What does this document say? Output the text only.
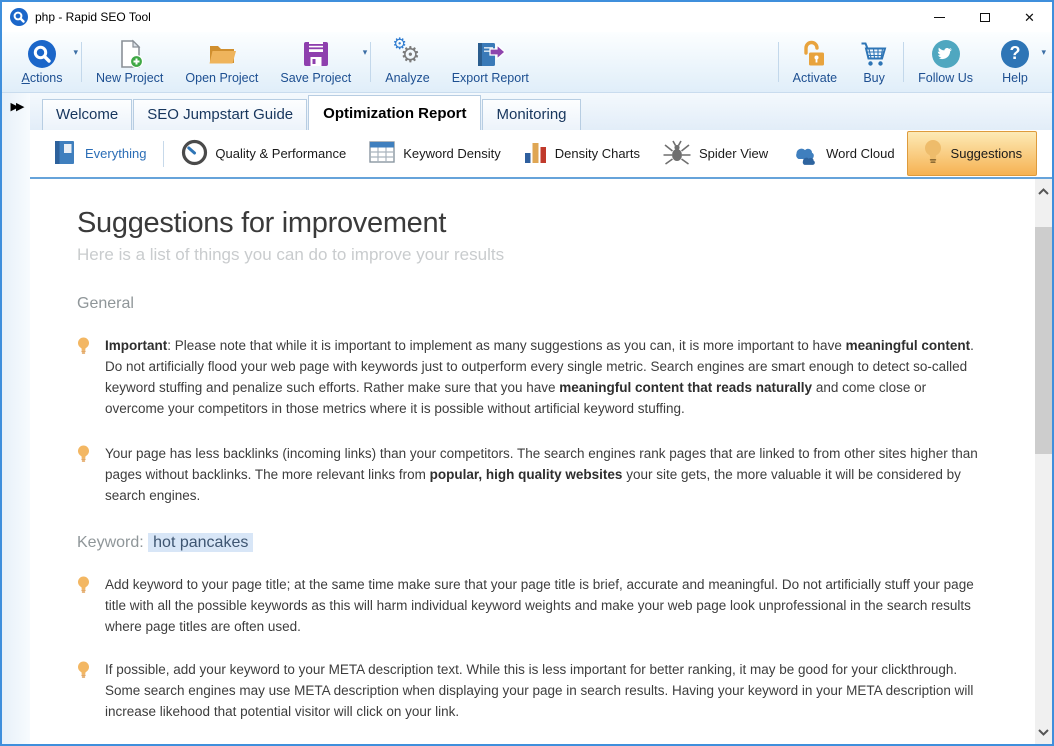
php - Rapid SEO Tool	✕
▾
Actions	New Project Open Project
▾
Save Project
⚙
⚙
Analyze Export Report	Activate Buy	Follow Us
?	▾
Help
▶▶	Welcome	SEO Jumpstart Guide	Optimization Report	Monitoring
Everything	Quality & Performance	Keyword Density	Density Charts	Spider View	Word Cloud	Suggestions
Suggestions for improvement
Here is a list of things you can do to improve your results
General

Important: Please note that while it is important to implement as many suggestions as you can, it is more important to have meaningful content. Do not artificially flood your web page with keywords just to outperform every single metric. Search engines are smart enough to detect so-called keyword stuffing and penalize such efforts. Rather make sure that you have meaningful content that reads naturally and come close or overcome your competitors in those metrics where it is possible without artificial keyword stuffing.

Your page has less backlinks (incoming links) than your competitors. The search engines rank pages that are linked to from other sites higher than pages without backlinks. The more relevant links from popular, high quality websites your site gets, the more valuable it will be considered by search engines.

Keyword: hot pancakes

Add keyword to your page title; at the same time make sure that your page title is brief, accurate and meaningful. Do not artificially stuff your page title with all the possible keywords as this will harm individual keyword weights and make your web page look unprofessional in the search results where page titles are often used.

If possible, add your keyword to your META description text. While this is less important for better ranking, it may be good for your clickthrough. Some search engines may use META description when displaying your page in search results. Having your keyword in your META description will increase likehood that potential visitor will click on your link.
